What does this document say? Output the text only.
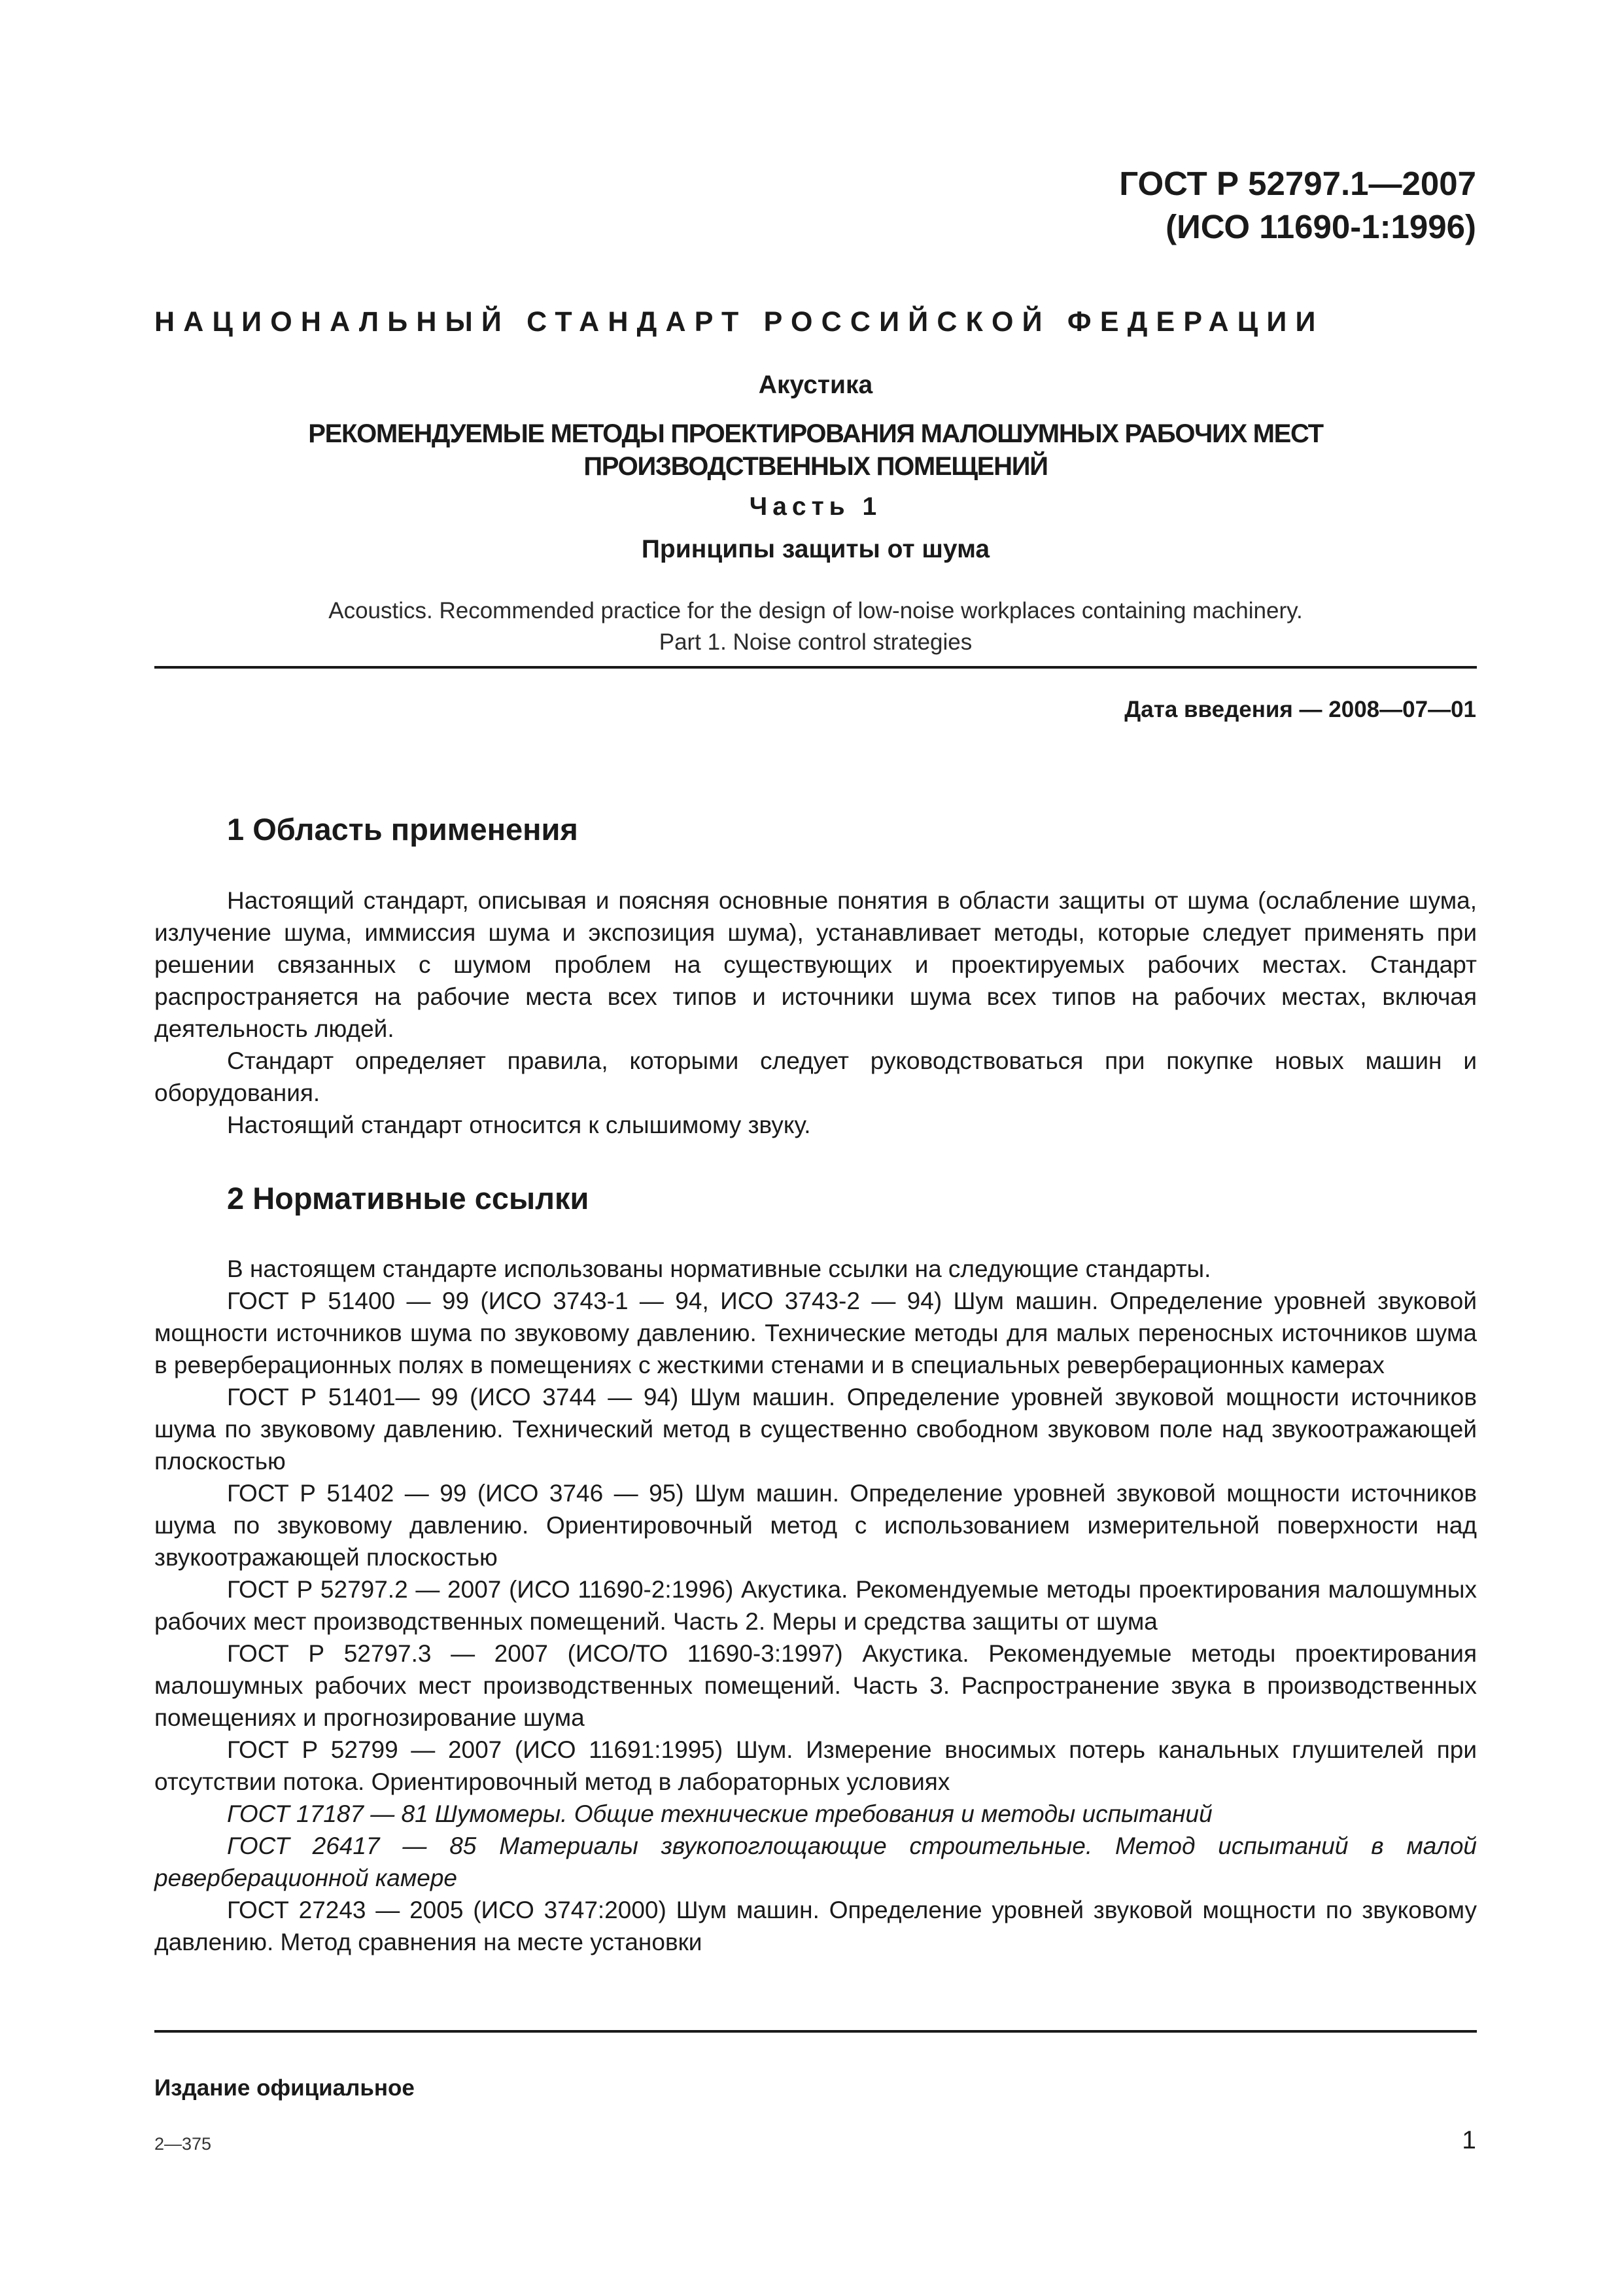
ГОСТ Р 52797.1—2007
(ИСО 11690-1:1996)
НАЦИОНАЛЬНЫЙ СТАНДАРТ РОССИЙСКОЙ ФЕДЕРАЦИИ
Акустика
РЕКОМЕНДУЕМЫЕ МЕТОДЫ ПРОЕКТИРОВАНИЯ МАЛОШУМНЫХ РАБОЧИХ МЕСТ
ПРОИЗВОДСТВЕННЫХ ПОМЕЩЕНИЙ
Часть 1
Принципы защиты от шума
Acoustics. Recommended practice for the design of low-noise workplaces containing machinery.
Part 1. Noise control strategies
Дата введения — 2008—07—01
1 Область применения

Настоящий стандарт, описывая и поясняя основные понятия в области защиты от шума (ослабление шума, излучение шума, иммиссия шума и экспозиция шума), устанавливает методы, которые следует применять при решении связанных с шумом проблем на существующих и проектируемых рабочих местах. Стандарт распространяется на рабочие места всех типов и источники шума всех типов на рабочих местах, включая деятельность людей.

Стандарт определяет правила, которыми следует руководствоваться при покупке новых машин и оборудования.

Настоящий стандарт относится к слышимому звуку.

2 Нормативные ссылки

В настоящем стандарте использованы нормативные ссылки на следующие стандарты.

ГОСТ Р 51400 — 99 (ИСО 3743-1 — 94, ИСО 3743-2 — 94) Шум машин. Определение уровней звуковой мощности источников шума по звуковому давлению. Технические методы для малых переносных источников шума в реверберационных полях в помещениях с жесткими стенами и в специальных реверберационных камерах

ГОСТ Р 51401— 99 (ИСО 3744 — 94) Шум машин. Определение уровней звуковой мощности источников шума по звуковому давлению. Технический метод в существенно свободном звуковом поле над звукоотражающей плоскостью

ГОСТ Р 51402 — 99 (ИСО 3746 — 95) Шум машин. Определение уровней звуковой мощности источников шума по звуковому давлению. Ориентировочный метод с использованием измерительной поверхности над звукоотражающей плоскостью

ГОСТ Р 52797.2 — 2007 (ИСО 11690-2:1996) Акустика. Рекомендуемые методы проектирования малошумных рабочих мест производственных помещений. Часть 2. Меры и средства защиты от шума

ГОСТ Р 52797.3 — 2007 (ИСО/ТО 11690-3:1997) Акустика. Рекомендуемые методы проектирования малошумных рабочих мест производственных помещений. Часть 3. Распространение звука в производственных помещениях и прогнозирование шума

ГОСТ Р 52799 — 2007 (ИСО 11691:1995) Шум. Измерение вносимых потерь канальных глушителей при отсутствии потока. Ориентировочный метод в лабораторных условиях

ГОСТ 17187 — 81 Шумомеры. Общие технические требования и методы испытаний

ГОСТ 26417 — 85 Материалы звукопоглощающие строительные. Метод испытаний в малой реверберационной камере

ГОСТ 27243 — 2005 (ИСО 3747:2000) Шум машин. Определение уровней звуковой мощности по звуковому давлению. Метод сравнения на месте установки

Издание официальное
2—375	1
